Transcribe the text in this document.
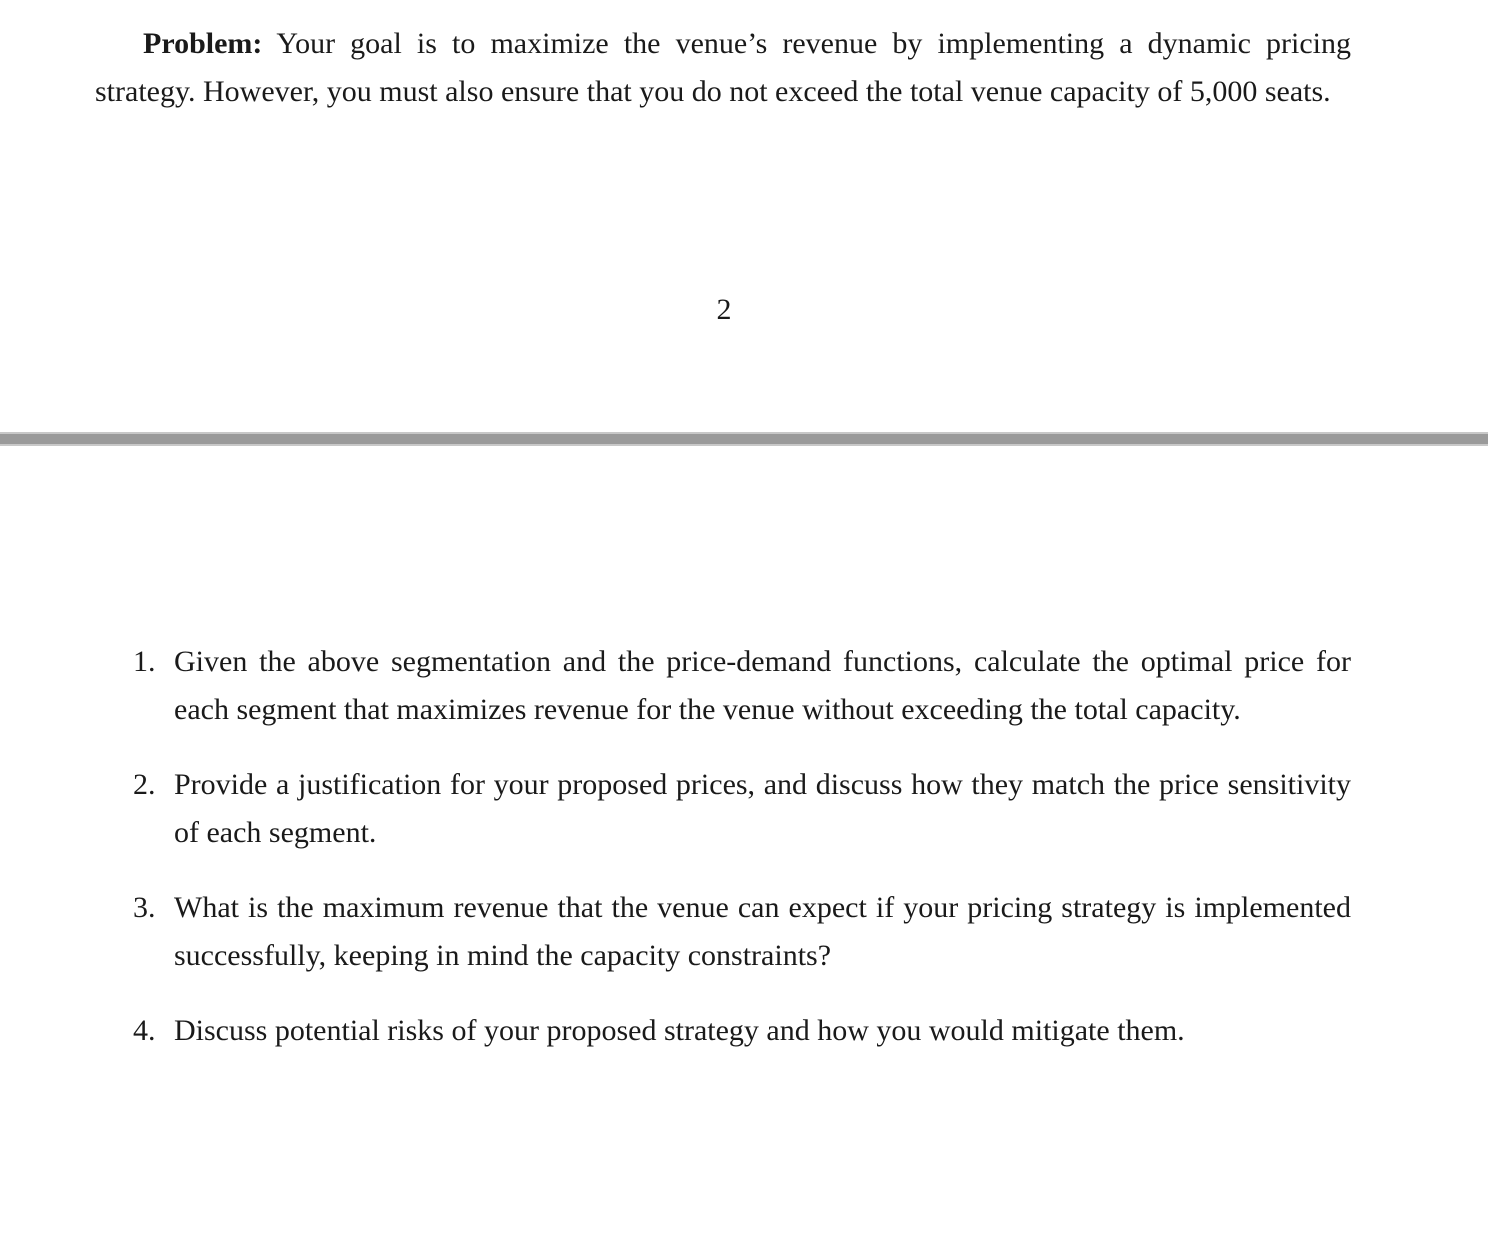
Problem: Your goal is to maximize the venue’s revenue by implementing a dynamic pricing strategy. However, you must also ensure that you do not exceed the total venue capacity of 5,000 seats.

2
1. Given the above segmentation and the price-demand functions, calculate the optimal price for each segment that maximizes revenue for the venue without exceeding the total capacity.
2. Provide a justification for your proposed prices, and discuss how they match the price sensitivity of each segment.
3. What is the maximum revenue that the venue can expect if your pricing strategy is implemented successfully, keeping in mind the capacity constraints?
4. Discuss potential risks of your proposed strategy and how you would mitigate them.
